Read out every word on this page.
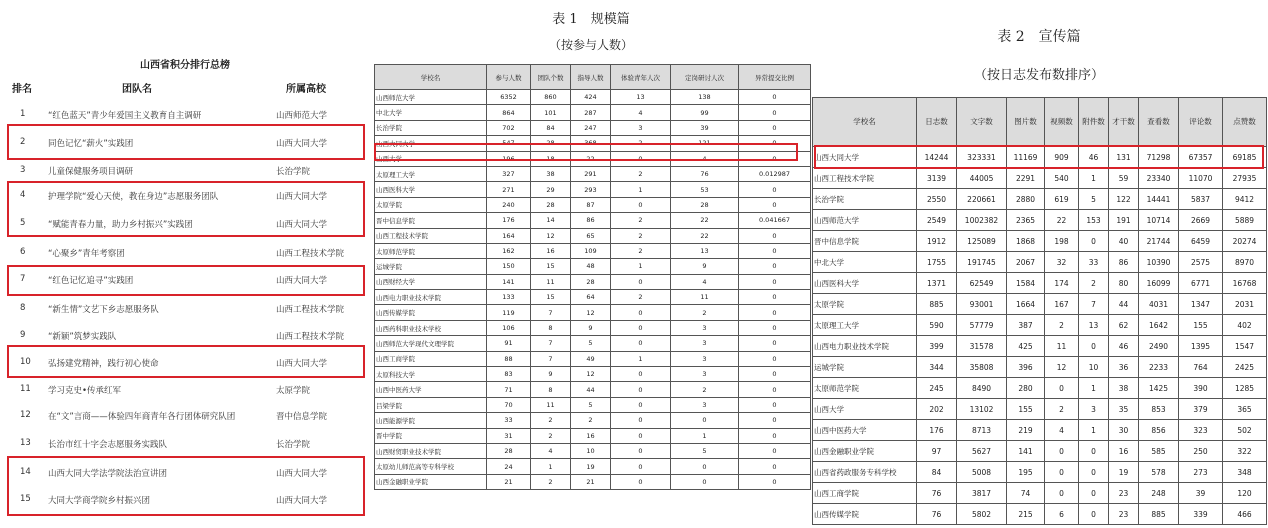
山西省积分排行总榜
排名	团队名	所属高校
1	“红色蓝天”青少年爱国主义教育自主调研	山西师范大学
2	同色记忆“薪火”实践团	山西大同大学
3	儿童保健服务项目调研	长治学院
4	护理学院“爱心天使，教在身边”志愿服务团队	山西大同大学
5	“赋能青春力量，助力乡村振兴”实践团	山西大同大学
6	“心聚乡”青年考察团	山西工程技术学院
7	“红色记忆追寻”实践团	山西大同大学
8	“新生情”文艺下乡志愿服务队	山西工程技术学院
9	“新颖”筑梦实践队	山西工程技术学院
10 弘扬建党精神，践行初心使命	山西大同大学
11 学习克史•传承红军	太原学院
12 在“文”言商——体验四年商青年各行团体研究队团	晋中信息学院
13 长治市红十字会志愿服务实践队	长治学院
14 山西大同大学法学院法治宣讲团	山西大同大学
15 大同大学商学院乡村振兴团	山西大同大学
表 1　规模篇
（按参与人数）
学校名	参与人数	团队个数	指导人数	体验青年人次	定岗研讨人次	异常提交比例
山西师范大学	6352	860	424	13	138	0
中北大学	864	101	287	4	99	0
长治学院	702	84	247	3	39	0
山西大同大学	547	28	368	2	121	0
山西大学	196	18	22	0	4	0
太原理工大学	327	38	291	2	76	0.012987
山西医科大学	271	29	293	1	53	0
太原学院	240	28	87	0	28	0
晋中信息学院	176	14	86	2	22	0.041667
山西工程技术学院	164	12	65	2	22	0
太原师范学院	162	16	109	2	13	0
运城学院	150	15	48	1	9	0
山西财经大学	141	11	28	0	4	0
山西电力职业技术学院	133	15	64	2	11	0
山西传媒学院	119	7	12	0	2	0
山西药科职业技术学校	106	8	9	0	3	0
山西师范大学现代文理学院	91	7	5	0	3	0
山西工商学院	88	7	49	1	3	0
太原科技大学	83	9	12	0	3	0
山西中医药大学	71	8	44	0	2	0
吕梁学院	70	11	5	0	3	0
山西能源学院	33	2	2	0	0	0
晋中学院	31	2	16	0	1	0
山西财贸职业技术学院	28	4	10	0	5	0
太原幼儿师范高等专科学校	24	1	19	0	0	0
山西金融职业学院	21	2	21	0	0	0
表 2　宣传篇
（按日志发布数排序）
学校名	日志数	文字数	图片数	视频数	附件数	才干数	查看数	评论数	点赞数
山西大同大学	14244	323331	11169	909	46	131	71298	67357	69185
山西工程技术学院	3139	44005	2291	540	1	59	23340	11070	27935
长治学院	2550	220661	2880	619	5	122	14441	5837	9412
山西师范大学	2549	1002382	2365	22	153	191	10714	2669	5889
晋中信息学院	1912	125089	1868	198	0	40	21744	6459	20274
中北大学	1755	191745	2067	32	33	86	10390	2575	8970
山西医科大学	1371	62549	1584	174	2	80	16099	6771	16768
太原学院	885	93001	1664	167	7	44	4031	1347	2031
太原理工大学	590	57779	387	2	13	62	1642	155	402
山西电力职业技术学院	399	31578	425	11	0	46	2490	1395	1547
运城学院	344	35808	396	12	10	36	2233	764	2425
太原师范学院	245	8490	280	0	1	38	1425	390	1285
山西大学	202	13102	155	2	3	35	853	379	365
山西中医药大学	176	8713	219	4	1	30	856	323	502
山西金融职业学院	97	5627	141	0	0	16	585	250	322
山西省药政服务专科学校	84	5008	195	0	0	19	578	273	348
山西工商学院	76	3817	74	0	0	23	248	39	120
山西传媒学院	76	5802	215	6	0	23	885	339	466
